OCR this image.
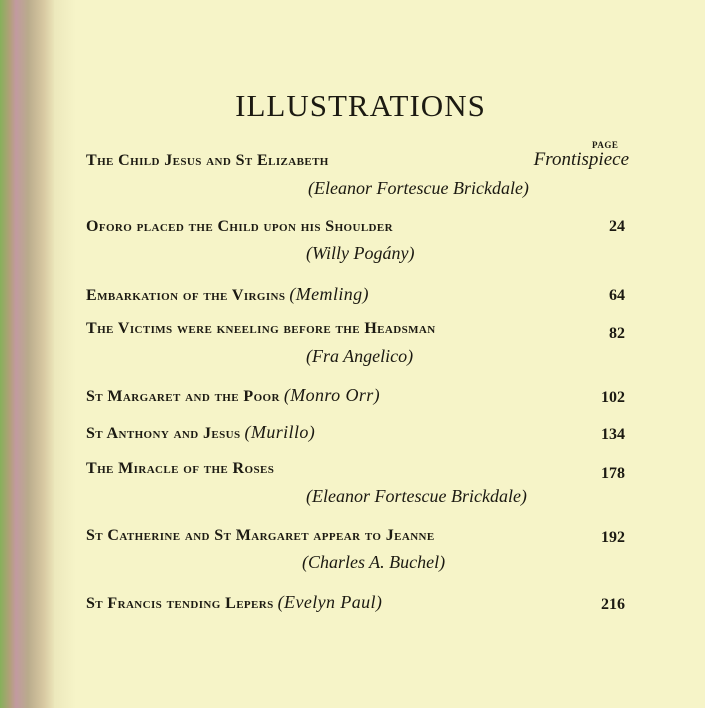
ILLUSTRATIONS
PAGE
The Child Jesus and St Elizabeth	Frontispiece
(Eleanor Fortescue Brickdale)
Oforo placed the Child upon his Shoulder	24
(Willy Pogány)
Embarkation of the Virgins (Memling)	64
The Victims were kneeling before the Headsman	82
(Fra Angelico)
St Margaret and the Poor (Monro Orr)	102
St Anthony and Jesus (Murillo)	134
The Miracle of the Roses	178
(Eleanor Fortescue Brickdale)
St Catherine and St Margaret appear to Jeanne	192
(Charles A. Buchel)
St Francis tending Lepers (Evelyn Paul)	216
